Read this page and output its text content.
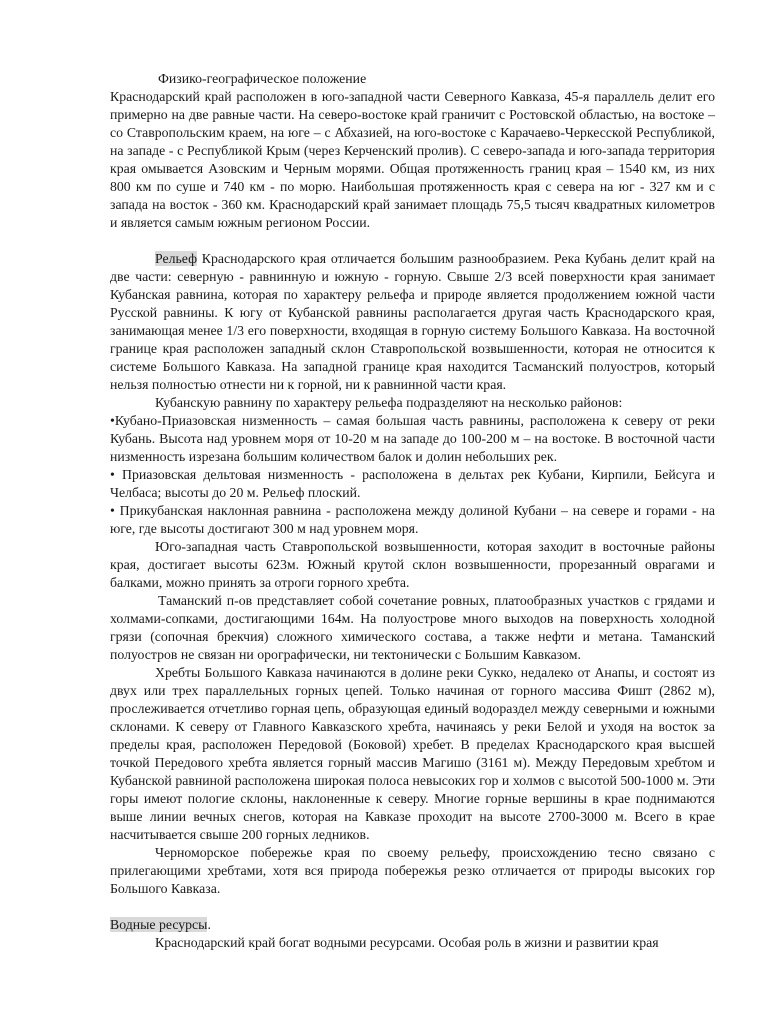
Физико-географическое положение

Краснодарский край расположен в юго-западной части Северного Кавказа, 45-я параллель делит его примерно на две равные части. На северо-востоке край граничит с Ростовской областью, на востоке – со Ставропольским краем, на юге – с Абхазией, на юго-востоке с Карачаево-Черкесской Республикой, на западе - с Республикой Крым (через Керченский пролив). С северо-запада и юго-запада территория края омывается Азовским и Черным морями. Общая протяженность границ края – 1540 км, из них 800 км по суше и 740 км - по морю. Наибольшая протяженность края с севера на юг - 327 км и с запада на восток - 360 км. Краснодарский край занимает площадь 75,5 тысяч квадратных километров и является самым южным регионом России.

Рельеф Краснодарского края отличается большим разнообразием. Река Кубань делит край на две части: северную - равнинную и южную - горную. Свыше 2/3 всей поверхности края занимает Кубанская равнина, которая по характеру рельефа и природе является продолжением южной части Русской равнины. К югу от Кубанской равнины располагается другая часть Краснодарского края, занимающая менее 1/3 его поверхности, входящая в горную систему Большого Кавказа. На восточной границе края расположен западный склон Ставропольской возвышенности, которая не относится к системе Большого Кавказа. На западной границе края находится Тасманский полуостров, который нельзя полностью отнести ни к горной, ни к равнинной части края.

Кубанскую равнину по характеру рельефа подразделяют на несколько районов:

•Кубано-Приазовская низменность – самая большая часть равнины, расположена к северу от реки Кубань. Высота над уровнем моря от 10-20 м на западе до 100-200 м – на востоке. В восточной части низменность изрезана большим количеством балок и долин небольших рек.

• Приазовская дельтовая низменность - расположена в дельтах рек Кубани, Кирпили, Бейсуга и Челбаса; высоты до 20 м. Рельеф плоский.

• Прикубанская наклонная равнина - расположена между долиной Кубани – на севере и горами - на юге, где высоты достигают 300 м над уровнем моря.

Юго-западная часть Ставропольской возвышенности, которая заходит в восточные районы края, достигает высоты 623м. Южный крутой склон возвышенности, прорезанный оврагами и балками, можно принять за отроги горного хребта.

Таманский п-ов представляет собой сочетание ровных, платообразных участков с грядами и холмами-сопками, достигающими 164м. На полуострове много выходов на поверхность холодной грязи (сопочная брекчия) сложного химического состава, а также нефти и метана. Таманский полуостров не связан ни орографически, ни тектонически с Большим Кавказом.

Хребты Большого Кавказа начинаются в долине реки Сукко, недалеко от Анапы, и состоят из двух или трех параллельных горных цепей. Только начиная от горного массива Фишт (2862 м), прослеживается отчетливо горная цепь, образующая единый водораздел между северными и южными склонами. К северу от Главного Кавказского хребта, начинаясь у реки Белой и уходя на восток за пределы края, расположен Передовой (Боковой) хребет. В пределах Краснодарского края высшей точкой Передового хребта является горный массив Магишо (3161 м). Между Передовым хребтом и Кубанской равниной расположена широкая полоса невысоких гор и холмов с высотой 500-1000 м. Эти горы имеют пологие склоны, наклоненные к северу. Многие горные вершины в крае поднимаются выше линии вечных снегов, которая на Кавказе проходит на высоте 2700-3000 м. Всего в крае насчитывается свыше 200 горных ледников.

Черноморское побережье края по своему рельефу, происхождению тесно связано с прилегающими хребтами, хотя вся природа побережья резко отличается от природы высоких гор Большого Кавказа.

Водные ресурсы.

Краснодарский край богат водными ресурсами. Особая роль в жизни и развитии края
